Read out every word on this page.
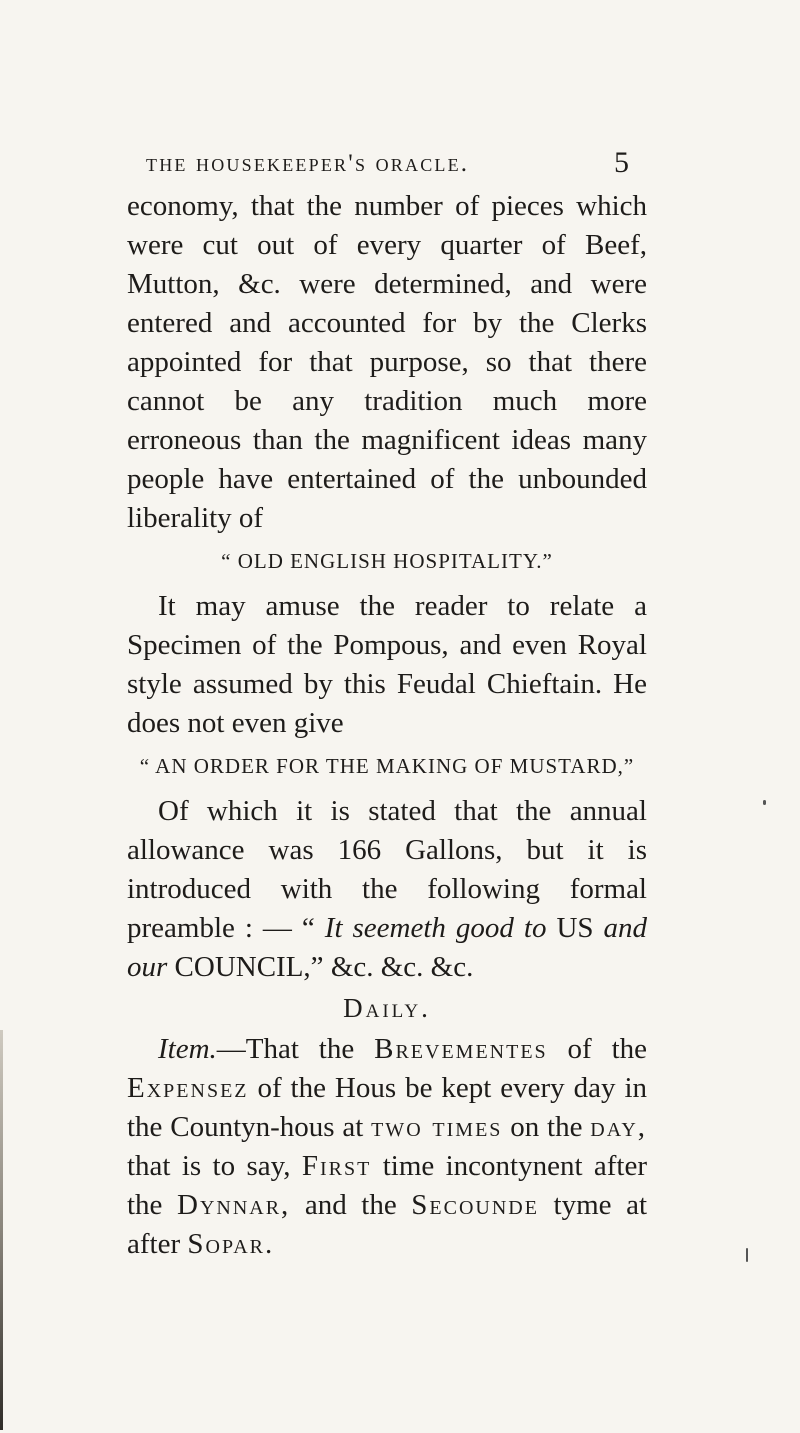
the housekeeper's oracle.	5

economy, that the number of pieces which were cut out of every quarter of Beef, Mutton, &c. were determined, and were entered and accounted for by the Clerks appointed for that purpose, so that there cannot be any tradition much more erroneous than the magnificent ideas many people have entertained of the unbounded liberality of

“ OLD ENGLISH HOSPITALITY.”

It may amuse the reader to relate a Specimen of the Pompous, and even Royal style assumed by this Feudal Chieftain. He does not even give

“ AN ORDER FOR THE MAKING OF MUSTARD,”

Of which it is stated that the annual allowance was 166 Gallons, but it is introduced with the following formal preamble : — “ It seemeth good to US and our COUNCIL,” &c. &c. &c.

Daily.

Item.—That the Brevementes of the Expensez of the Hous be kept every day in the Countyn-hous at two times on the day, that is to say, First time incontynent after the Dynnar, and the Secounde tyme at after Sopar.
